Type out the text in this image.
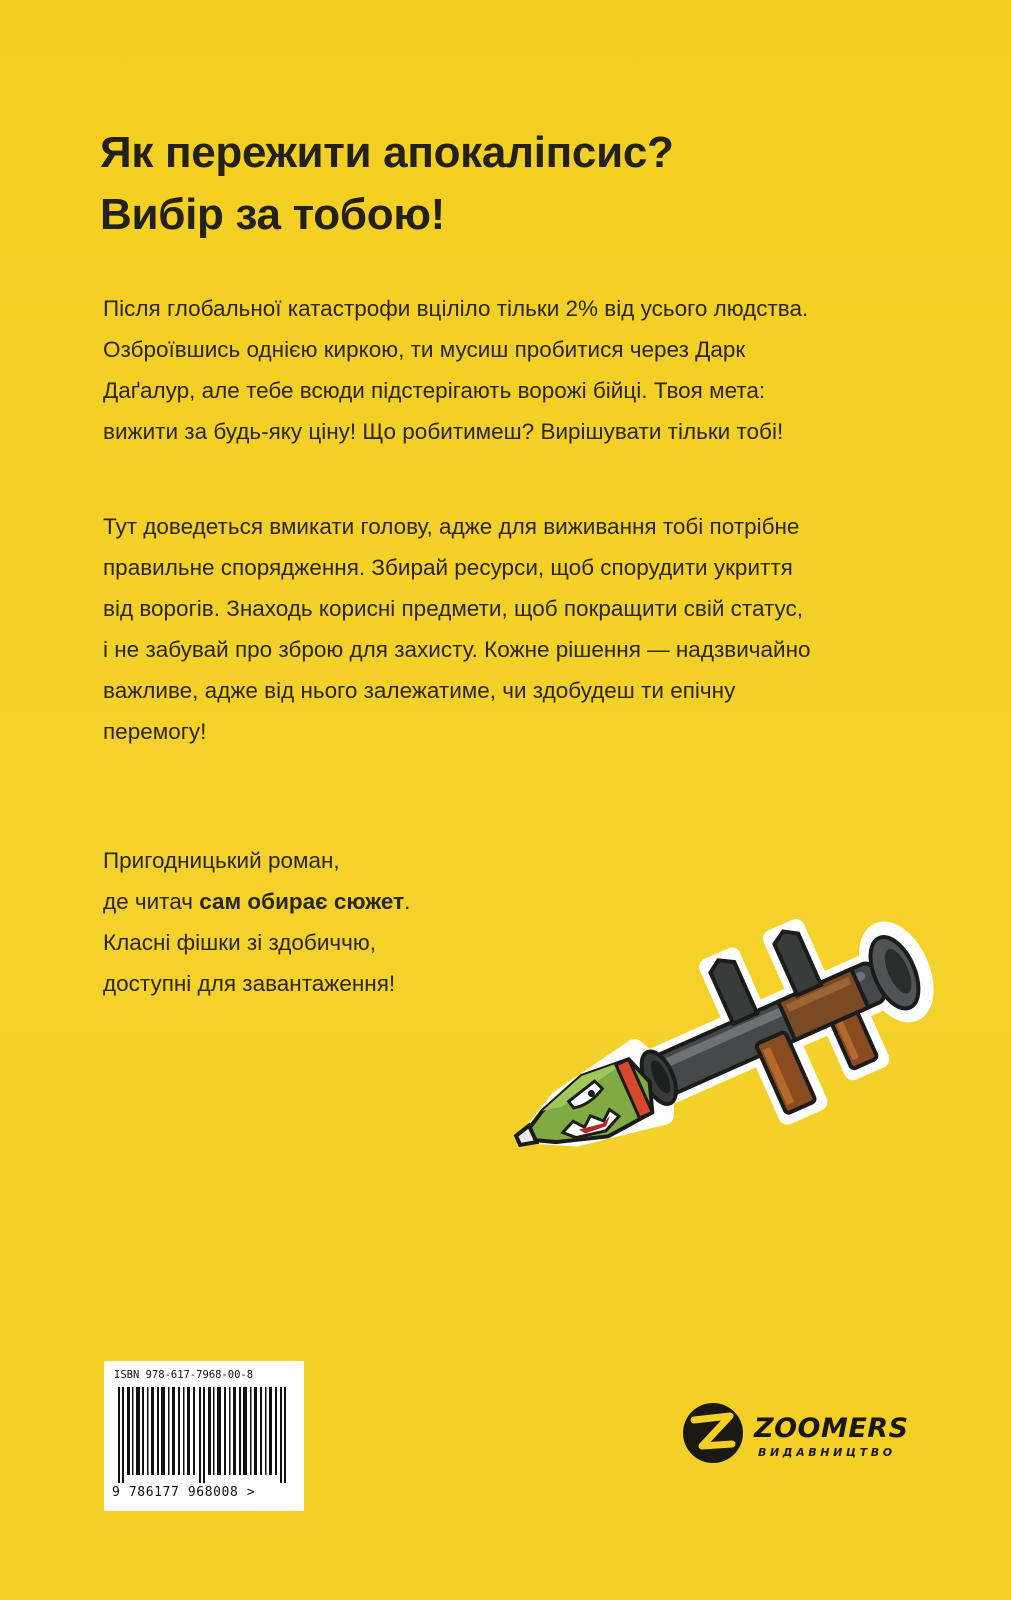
Як пережити апокаліпсис?
Вибір за тобою!

Після глобальної катастрофи вціліло тільки 2% від усього людства.
Озброївшись однією киркою, ти мусиш пробитися через Дарк
Даґалур, але тебе всюди підстерігають ворожі бійці. Твоя мета:
вижити за будь-яку ціну! Що робитимеш? Вирішувати тільки тобі!

Тут доведеться вмикати голову, адже для виживання тобі потрібне
правильне спорядження. Збирай ресурси, щоб спорудити укриття
від ворогів. Знаходь корисні предмети, щоб покращити свій статус,
і не забувай про зброю для захисту. Кожне рішення — надзвичайно
важливе, адже від нього залежатиме, чи здобудеш ти епічну
перемогу!

Пригодницький роман,
де читач сам обирає сюжет.
Класні фішки зі здобиччю,
доступні для завантаження!

ISBN 978-617-7968-00-8

9 786177 968008 >

ZOOMERS

ВИДАВНИЦТВО
